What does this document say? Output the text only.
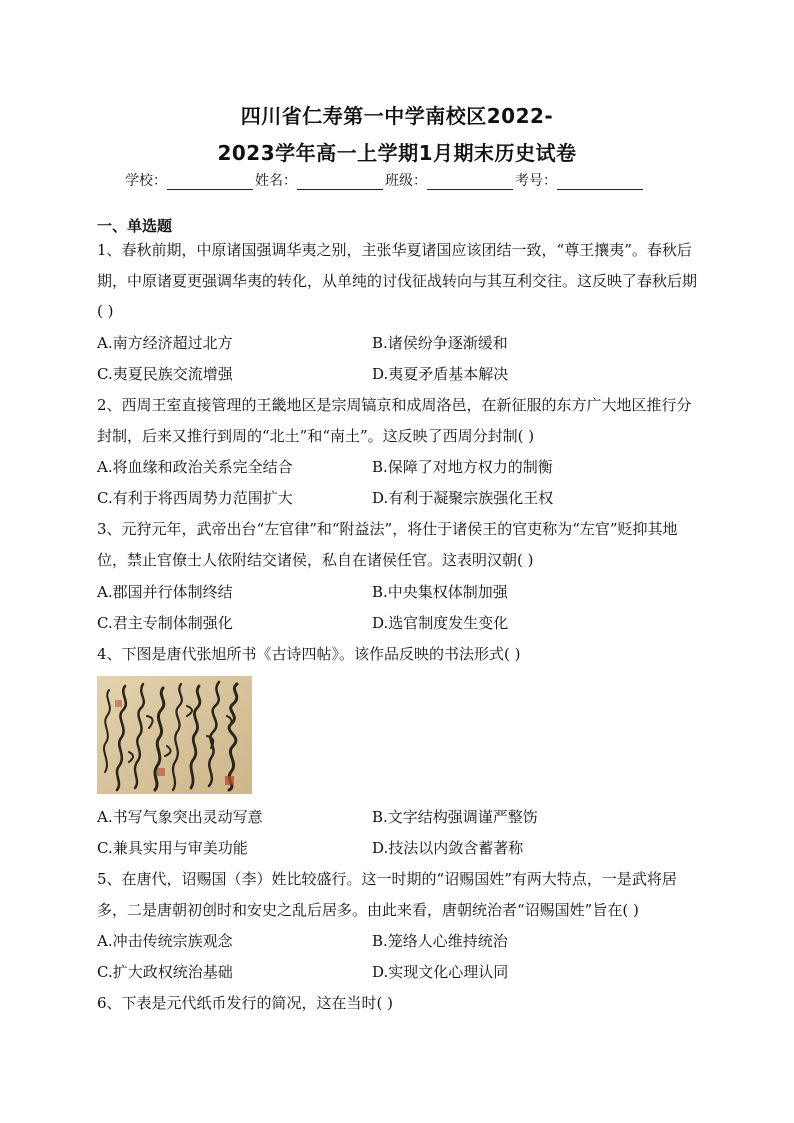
四川省仁寿第一中学南校区2022-
2023学年高一上学期1月期末历史试卷
学校：	姓名：	班级：	考号：
一、单选题
1、春秋前期，中原诸国强调华夷之别，主张华夏诸国应该团结一致，“尊王攘夷”。春秋后期，中原诸夏更强调华夷的转化，从单纯的讨伐征战转向与其互利交往。这反映了春秋后期( )
A.南方经济超过北方	B.诸侯纷争逐渐缓和
C.夷夏民族交流增强	D.夷夏矛盾基本解决
2、西周王室直接管理的王畿地区是宗周镐京和成周洛邑，在新征服的东方广大地区推行分封制，后来又推行到周的“北土”和“南土”。这反映了西周分封制( )
A.将血缘和政治关系完全结合	B.保障了对地方权力的制衡
C.有利于将西周势力范围扩大	D.有利于凝聚宗族强化王权
3、元狩元年，武帝出台“左官律”和“附益法”，将仕于诸侯王的官吏称为“左官”贬抑其地位，禁止官僚士人依附结交诸侯，私自在诸侯任官。这表明汉朝( )
A.郡国并行体制终结	B.中央集权体制加强
C.君主专制体制强化	D.选官制度发生变化
4、下图是唐代张旭所书《古诗四帖》。该作品反映的书法形式( )
A.书写气象突出灵动写意	B.文字结构强调谨严整饬
C.兼具实用与审美功能	D.技法以内敛含蓄著称
5、在唐代，诏赐国（李）姓比较盛行。这一时期的“诏赐国姓”有两大特点，一是武将居多，二是唐朝初创时和安史之乱后居多。由此来看，唐朝统治者“诏赐国姓”旨在( )
A.冲击传统宗族观念	B.笼络人心维持统治
C.扩大政权统治基础	D.实现文化心理认同
6、下表是元代纸币发行的简况，这在当时( )
